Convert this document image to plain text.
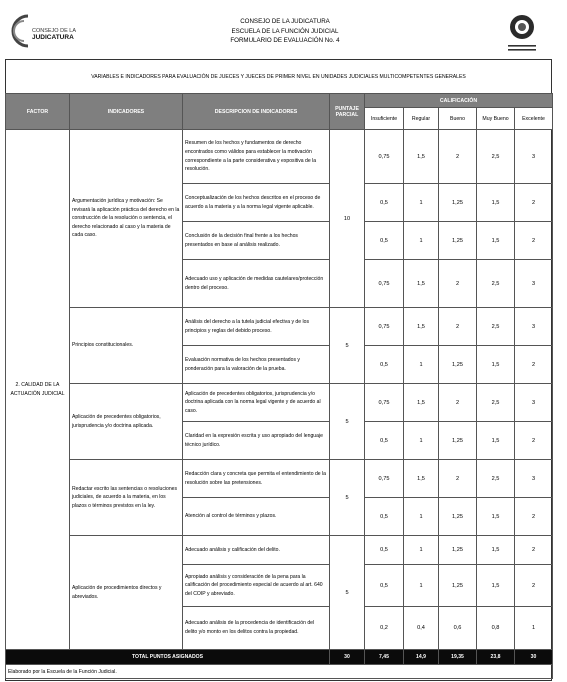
CONSEJO DE LA
JUDICATURA
CONSEJO DE LA JUDICATURA
ESCUELA DE LA FUNCIÓN JUDICIAL
FORMULARIO DE EVALUACIÓN No. 4
VARIABLES E INDICADORES PARA EVALUACIÓN DE JUECES Y JUECES DE PRIMER NIVEL EN UNIDADES JUDICIALES MULTICOMPETENTES GENERALES
FACTOR	INDICADORES	DESCRIPCION DE INDICADORES	PUNTAJE PARCIAL	CALIFICACIÓN				
				Insuficiente	Regular	Bueno	Muy Bueno	Excelente
2. CALIDAD DE LA ACTUACIÓN JUDICIAL	Argumentación jurídica y motivación: Se revisará la aplicación práctica del derecho en la construcción de la resolución o sentencia, el derecho relacionado al caso y la materia de cada caso.	Resumen de los hechos y fundamentos de derecho encontrados como válidos para establecer la motivación correspondiente a la parte considerativa y expositiva de la resolución.	10	0,75	1,5	2	2,5	3
		Conceptualización de los hechos descritos en el proceso de acuerdo a la materia y a la norma legal vigente aplicable.		0,5	1	1,25	1,5	2
		Conclusión de la decisión final frente a los hechos presentados en base al análisis realizado.		0,5	1	1,25	1,5	2
		Adecuado uso y aplicación de medidas cautelares/protección dentro del proceso.		0,75	1,5	2	2,5	3
	Principios constitucionales.	Análisis del derecho a la tutela judicial efectiva y de los principios y reglas del debido proceso.	5	0,75	1,5	2	2,5	3
		Evaluación normativa de los hechos presentados y ponderación para la valoración de la prueba.		0,5	1	1,25	1,5	2
	Aplicación de precedentes obligatorios, jurisprudencia y/o doctrina aplicada.	Aplicación de precedentes obligatorios, jurisprudencia y/o doctrina aplicada con la norma legal vigente y de acuerdo al caso.	5	0,75	1,5	2	2,5	3
		Claridad en la expresión escrita y uso apropiado del lenguaje técnico jurídico.		0,5	1	1,25	1,5	2
	Redactar escrito las sentencias o resoluciones judiciales, de acuerdo a la materia, en los plazos o términos previstos en la ley.	Redacción clara y concreta que permita el entendimiento de la resolución sobre las pretensiones.	5	0,75	1,5	2	2,5	3
		Atención al control de términos y plazos.		0,5	1	1,25	1,5	2
	Aplicación de procedimientos directos y abreviados.	Adecuado análisis y calificación del delito.	5	0,5	1	1,25	1,5	2
		Apropiado análisis y consideración de la pena para la calificación del procedimiento especial de acuerdo al art. 640 del COIP y abreviado.		0,5	1	1,25	1,5	2
		Adecuado análisis de la procedencia de identificación del delito y/o monto en los delitos contra la propiedad.		0,2	0,4	0,6	0,8	1
TOTAL PUNTOS ASIGNADOS			30	7,45	14,9	19,35	23,8	30
Elaborado por la Escuela de la Función Judicial.								
